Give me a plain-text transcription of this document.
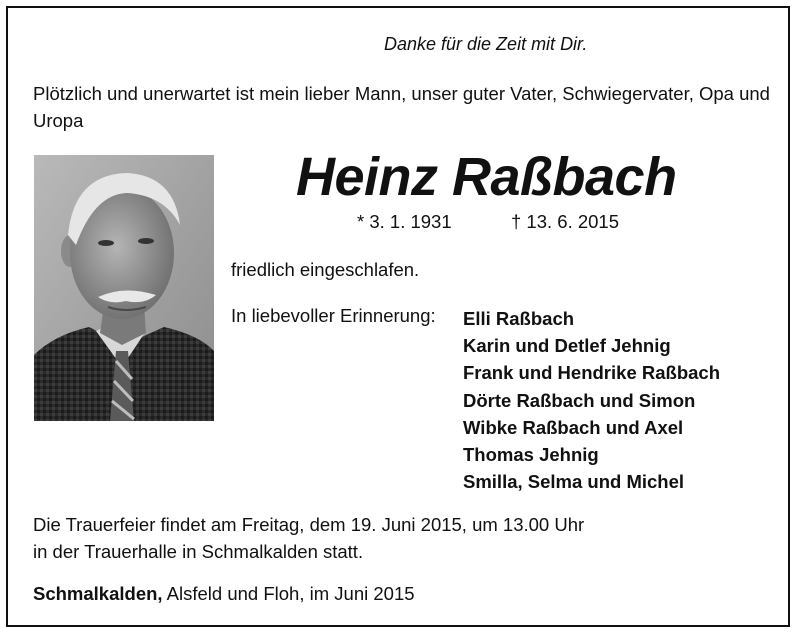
Danke für die Zeit mit Dir.
Plötzlich und unerwartet ist mein lieber Mann, unser guter Vater, Schwiegervater, Opa und Uropa
Heinz Raßbach
* 3. 1. 1931	† 13. 6. 2015
friedlich eingeschlafen.
In liebevoller Erinnerung: Elli Raßbach
Karin und Detlef Jehnig
Frank und Hendrike Raßbach
Dörte Raßbach und Simon
Wibke Raßbach und Axel
Thomas Jehnig
Smilla, Selma und Michel
Die Trauerfeier findet am Freitag, dem 19. Juni 2015, um 13.00 Uhr
in der Trauerhalle in Schmalkalden statt.
Schmalkalden, Alsfeld und Floh, im Juni 2015
